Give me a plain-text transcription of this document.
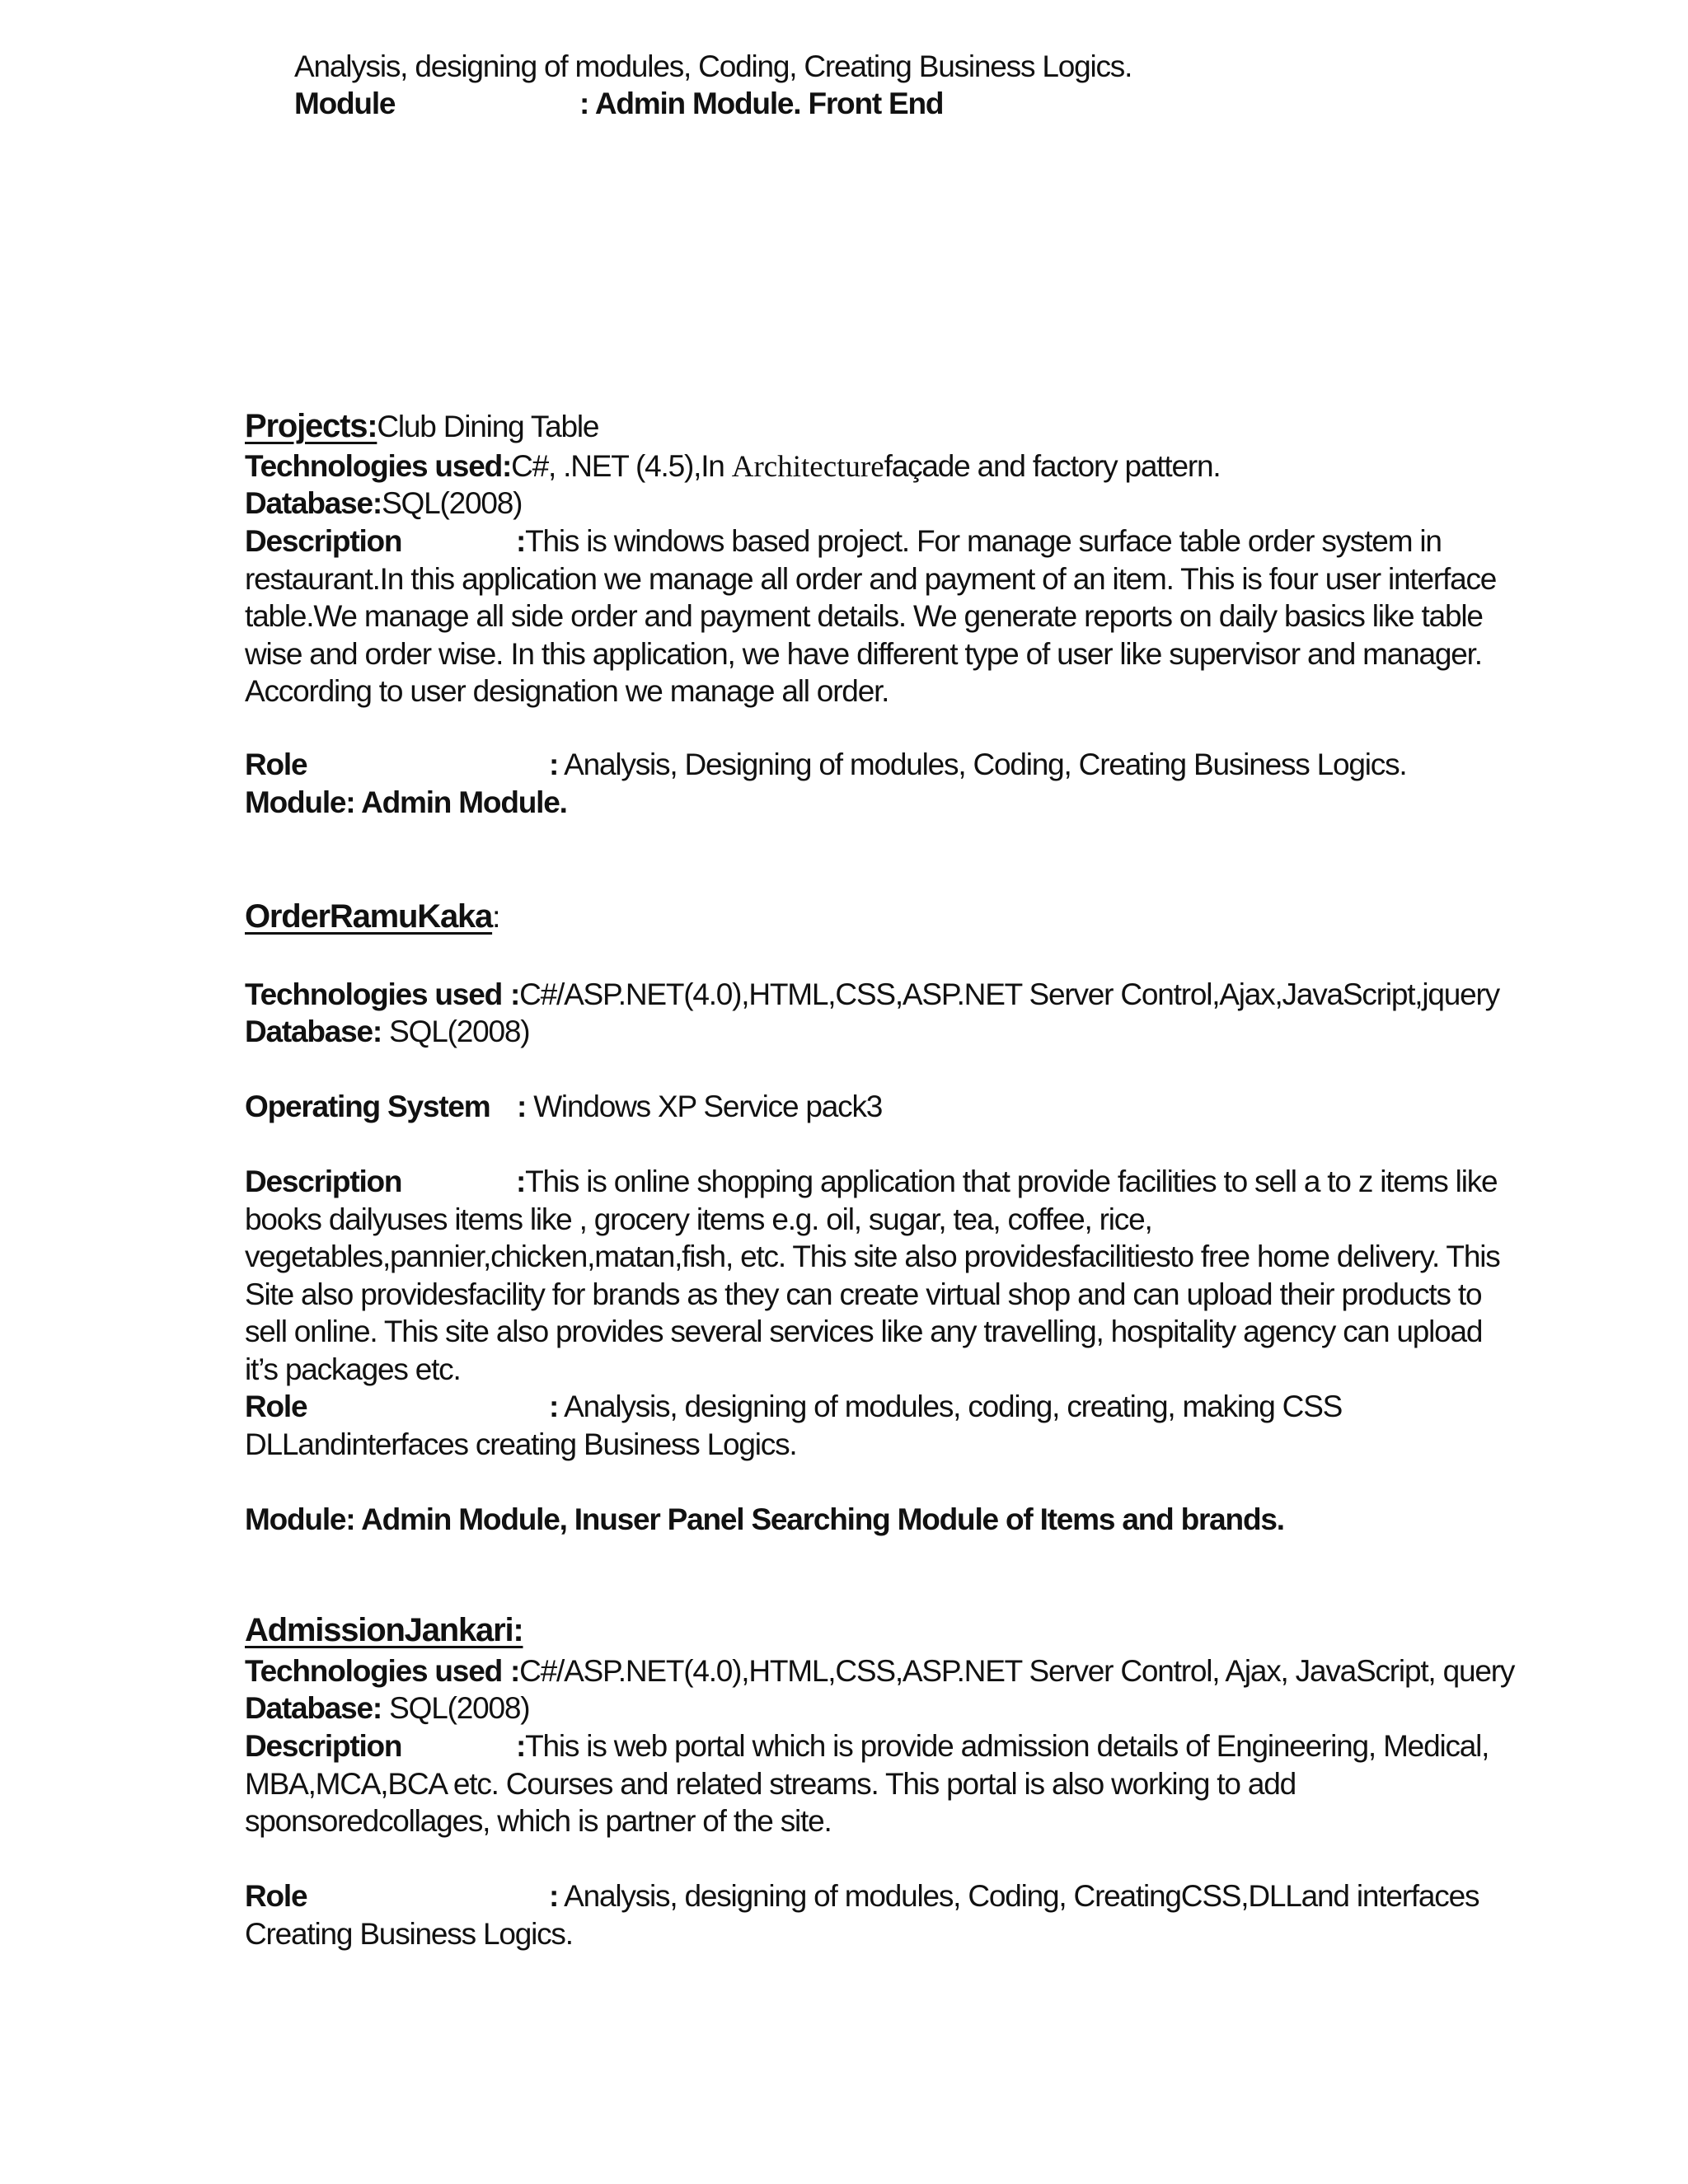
Analysis, designing of modules, Coding, Creating Business Logics.
Module	: Admin Module. Front End
Projects:Club Dining Table
Technologies used:C#, .NET (4.5),In Architecturefaçade and factory pattern.
Database:SQL(2008)
Description	:This is windows based project. For manage surface table order system in restaurant.In this application we manage all order and payment of an item. This is four user interface table.We manage all side order and payment details. We generate reports on daily basics like table wise and order wise. In this application, we have different type of user like supervisor and manager. According to user designation we manage all order.
Role	: Analysis, Designing of modules, Coding, Creating Business Logics.
Module: Admin Module.
OrderRamuKaka:
Technologies used :C#/ASP.NET(4.0),HTML,CSS,ASP.NET Server Control,Ajax,JavaScript,jquery
Database: SQL(2008)
Operating System : Windows XP Service pack3
Description	:This is online shopping application that provide facilities to sell a to z items like books dailyuses items like , grocery items e.g. oil, sugar, tea, coffee, rice, vegetables,pannier,chicken,matan,fish, etc. This site also providesfacilitiesto free home delivery. This Site also providesfacility for brands as they can create virtual shop and can upload their products to sell online. This site also provides several services like any travelling, hospitality agency can upload it’s packages etc.
Role	: Analysis, designing of modules, coding, creating, making CSS DLLandinterfaces creating Business Logics.
Module: Admin Module, Inuser Panel Searching Module of Items and brands.
AdmissionJankari:
Technologies used :C#/ASP.NET(4.0),HTML,CSS,ASP.NET Server Control, Ajax, JavaScript, query
Database: SQL(2008)
Description	:This is web portal which is provide admission details of Engineering, Medical, MBA,MCA,BCA etc. Courses and related streams. This portal is also working to add sponsoredcollages, which is partner of the site.
Role	: Analysis, designing of modules, Coding, CreatingCSS,DLLand interfaces Creating Business Logics.
